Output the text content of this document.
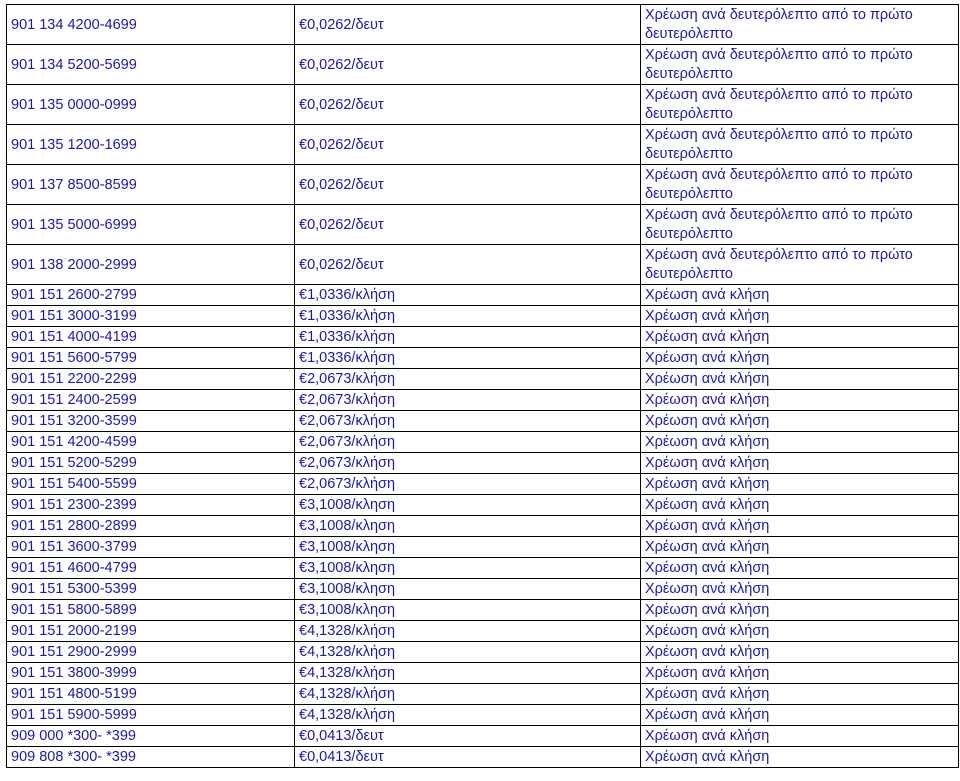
901 134 4200-4699	€0,0262/δευτ	Χρέωση ανά δευτερόλεπτο από το πρώτο δευτερόλεπτο
901 134 5200-5699	€0,0262/δευτ	Χρέωση ανά δευτερόλεπτο από το πρώτο δευτερόλεπτο
901 135 0000-0999	€0,0262/δευτ	Χρέωση ανά δευτερόλεπτο από το πρώτο δευτερόλεπτο
901 135 1200-1699	€0,0262/δευτ	Χρέωση ανά δευτερόλεπτο από το πρώτο δευτερόλεπτο
901 137 8500-8599	€0,0262/δευτ	Χρέωση ανά δευτερόλεπτο από το πρώτο δευτερόλεπτο
901 135 5000-6999	€0,0262/δευτ	Χρέωση ανά δευτερόλεπτο από το πρώτο δευτερόλεπτο
901 138 2000-2999	€0,0262/δευτ	Χρέωση ανά δευτερόλεπτο από το πρώτο δευτερόλεπτο
901 151 2600-2799	€1,0336/κλήση	Χρέωση ανά κλήση
901 151 3000-3199	€1,0336/κλήση	Χρέωση ανά κλήση
901 151 4000-4199	€1,0336/κλήση	Χρέωση ανά κλήση
901 151 5600-5799	€1,0336/κλήση	Χρέωση ανά κλήση
901 151 2200-2299	€2,0673/κλήση	Χρέωση ανά κλήση
901 151 2400-2599	€2,0673/κλήση	Χρέωση ανά κλήση
901 151 3200-3599	€2,0673/κλήση	Χρέωση ανά κλήση
901 151 4200-4599	€2,0673/κλήση	Χρέωση ανά κλήση
901 151 5200-5299	€2,0673/κλήση	Χρέωση ανά κλήση
901 151 5400-5599	€2,0673/κλήση	Χρέωση ανά κλήση
901 151 2300-2399	€3,1008/κληση	Χρέωση ανά κλήση
901 151 2800-2899	€3,1008/κληση	Χρέωση ανά κλήση
901 151 3600-3799	€3,1008/κληση	Χρέωση ανά κλήση
901 151 4600-4799	€3,1008/κληση	Χρέωση ανά κλήση
901 151 5300-5399	€3,1008/κληση	Χρέωση ανά κλήση
901 151 5800-5899	€3,1008/κληση	Χρέωση ανά κλήση
901 151 2000-2199	€4,1328/κλήση	Χρέωση ανά κλήση
901 151 2900-2999	€4,1328/κλήση	Χρέωση ανά κλήση
901 151 3800-3999	€4,1328/κλήση	Χρέωση ανά κλήση
901 151 4800-5199	€4,1328/κλήση	Χρέωση ανά κλήση
901 151 5900-5999	€4,1328/κλήση	Χρέωση ανά κλήση
909 000 *300- *399	€0,0413/δευτ	Χρέωση ανά κλήση
909 808 *300- *399	€0,0413/δευτ	Χρέωση ανά κλήση
